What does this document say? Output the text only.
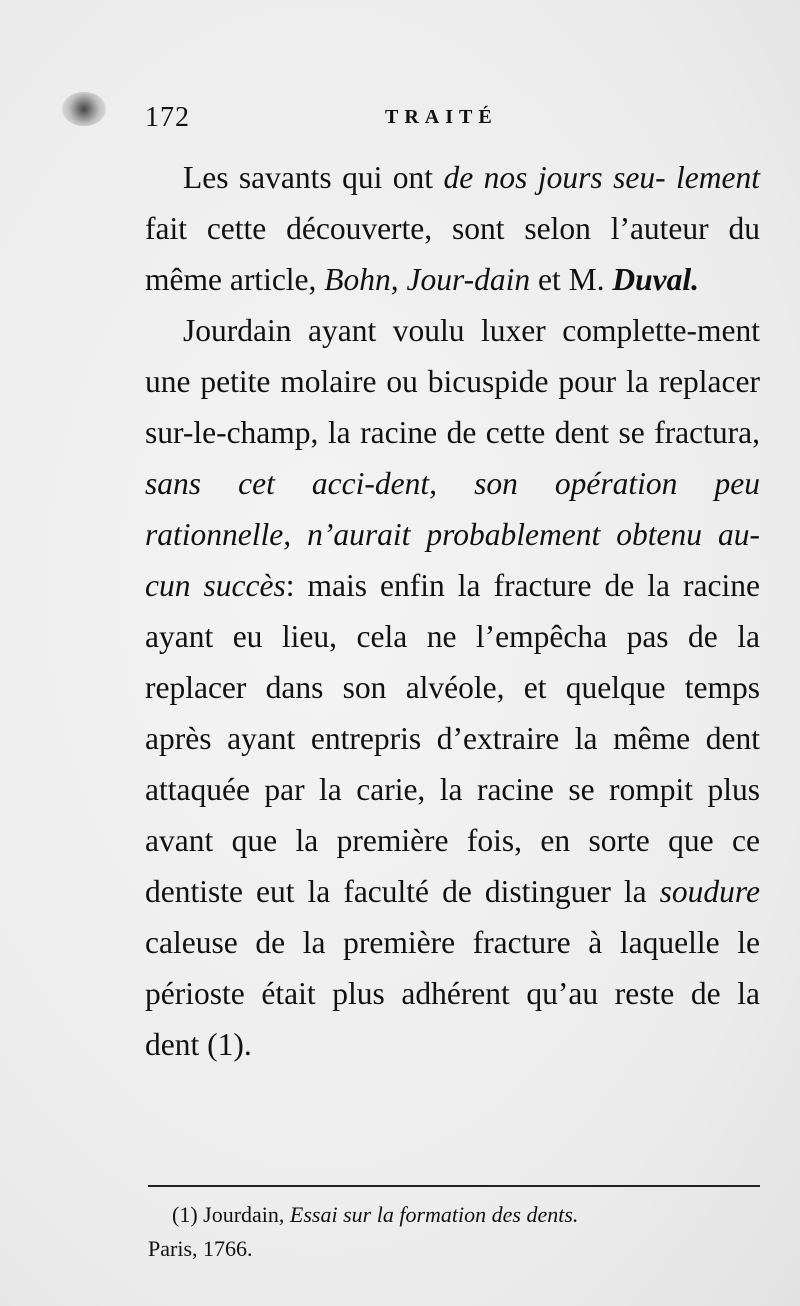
172	TRAITÉ

Les savants qui ont de nos jours seu- lement fait cette découverte, sont selon l’auteur du même article, Bohn, Jour-dain et M. Duval.

Jourdain ayant voulu luxer complette-ment une petite molaire ou bicuspide pour la replacer sur-le-champ, la racine de cette dent se fractura, sans cet acci-dent, son opération peu rationnelle, n’aurait probablement obtenu au-cun succès: mais enfin la fracture de la racine ayant eu lieu, cela ne l’empêcha pas de la replacer dans son alvéole, et quelque temps après ayant entrepris d’extraire la même dent attaquée par la carie, la racine se rompit plus avant que la première fois, en sorte que ce dentiste eut la faculté de distinguer la soudure caleuse de la première fracture à laquelle le périoste était plus adhérent qu’au reste de la dent (1).

(1) Jourdain, Essai sur la formation des dents.

Paris, 1766.
